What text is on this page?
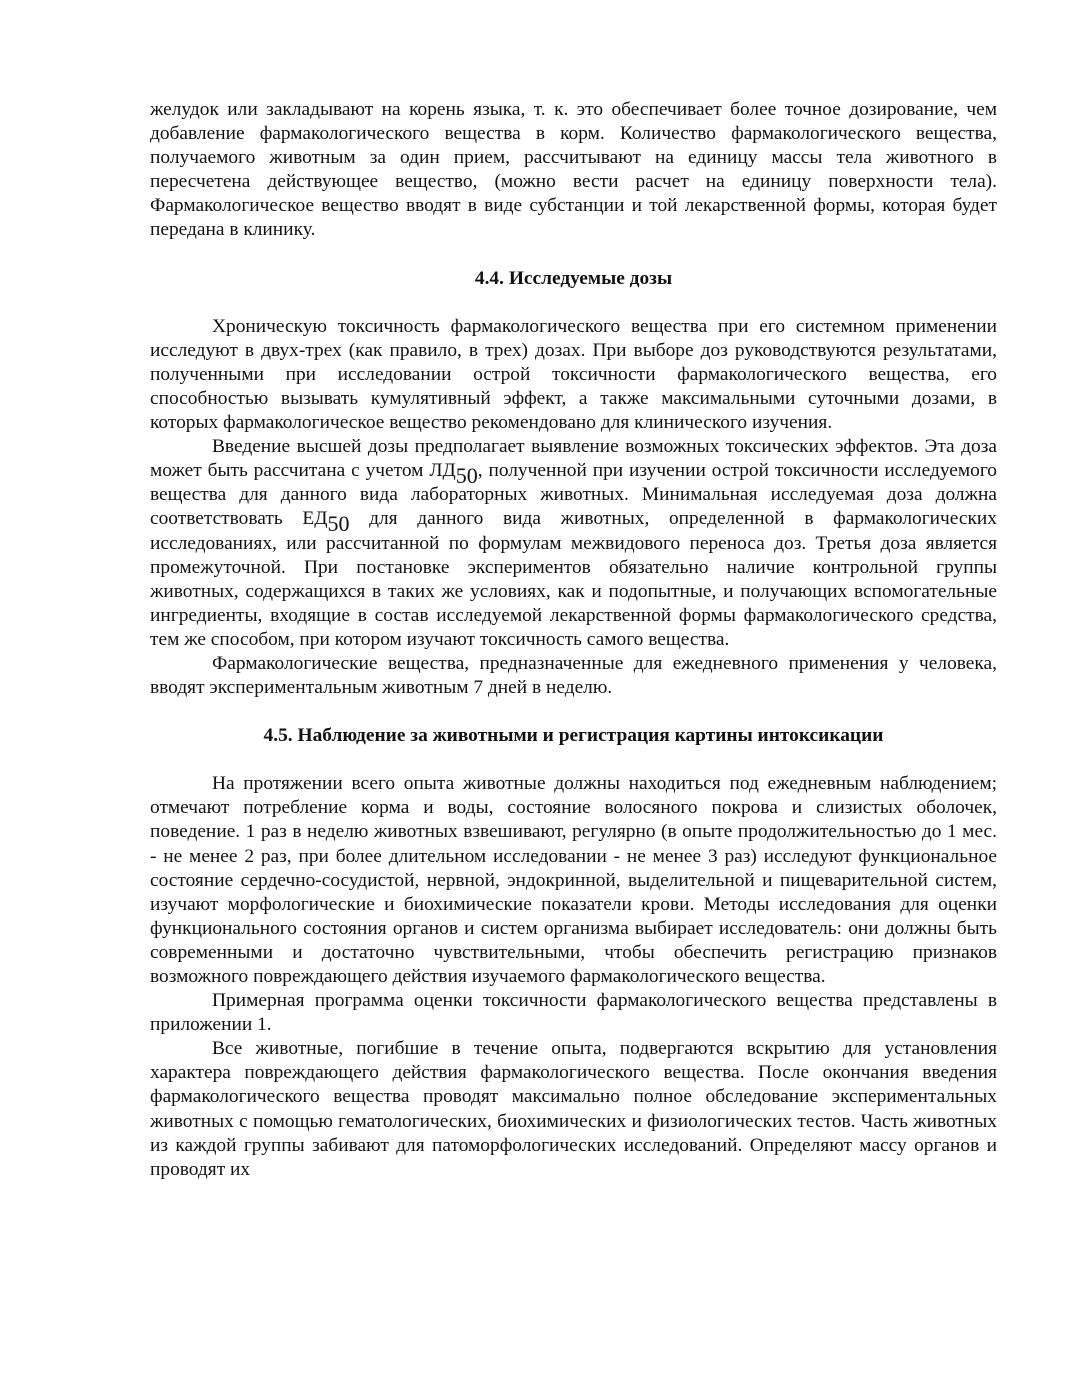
желудок или закладывают на корень языка, т. к. это обеспечивает более точное дозирование, чем добавление фармакологического вещества в корм. Количество фармакологического вещества, получаемого животным за один прием, рассчитывают на единицу массы тела животного в пересчетена действующее вещество, (можно вести расчет на единицу поверхности тела). Фармакологическое вещество вводят в виде субстанции и той лекарственной формы, которая будет передана в клинику.

4.4. Исследуемые дозы

Хроническую токсичность фармакологического вещества при его системном применении исследуют в двух-трех (как правило, в трех) дозах. При выборе доз руководствуются результатами, полученными при исследовании острой токсичности фармакологического вещества, его способностью вызывать кумулятивный эффект, а также максимальными суточными дозами, в которых фармакологическое вещество рекомендовано для клинического изучения.

Введение высшей дозы предполагает выявление возможных токсических эффектов. Эта доза может быть рассчитана с учетом $ЛД_{50}$, полученной при изучении острой токсичности исследуемого вещества для данного вида лабораторных животных. Минимальная исследуемая доза должна соответствовать $ЕД_{50}$ для данного вида животных, определенной в фармакологических исследованиях, или рассчитанной по формулам межвидового переноса доз. Третья доза является промежуточной. При постановке экспериментов обязательно наличие контрольной группы животных, содержащихся в таких же условиях, как и подопытные, и получающих вспомогательные ингредиенты, входящие в состав исследуемой лекарственной формы фармакологического средства, тем же способом, при котором изучают токсичность самого вещества.

Фармакологические вещества, предназначенные для ежедневного применения у человека, вводят экспериментальным животным 7 дней в неделю.

4.5. Наблюдение за животными и регистрация картины интоксикации

На протяжении всего опыта животные должны находиться под ежедневным наблюдением; отмечают потребление корма и воды, состояние волосяного покрова и слизистых оболочек, поведение. 1 раз в неделю животных взвешивают, регулярно (в опыте продолжительностью до 1 мес. - не менее 2 раз, при более длительном исследовании - не менее 3 раз) исследуют функциональное состояние сердечно-сосудистой, нервной, эндокринной, выделительной и пищеварительной систем, изучают морфологические и биохимические показатели крови. Методы исследования для оценки функционального состояния органов и систем организма выбирает исследователь: они должны быть современными и достаточно чувствительными, чтобы обеспечить регистрацию признаков возможного повреждающего действия изучаемого фармакологического вещества.

Примерная программа оценки токсичности фармакологического вещества представлены в приложении 1.

Все животные, погибшие в течение опыта, подвергаются вскрытию для установления характера повреждающего действия фармакологического вещества. После окончания введения фармакологического вещества проводят максимально полное обследование экспериментальных животных с помощью гематологических, биохимических и физиологических тестов. Часть животных из каждой группы забивают для патоморфологических исследований. Определяют массу органов и проводят их
